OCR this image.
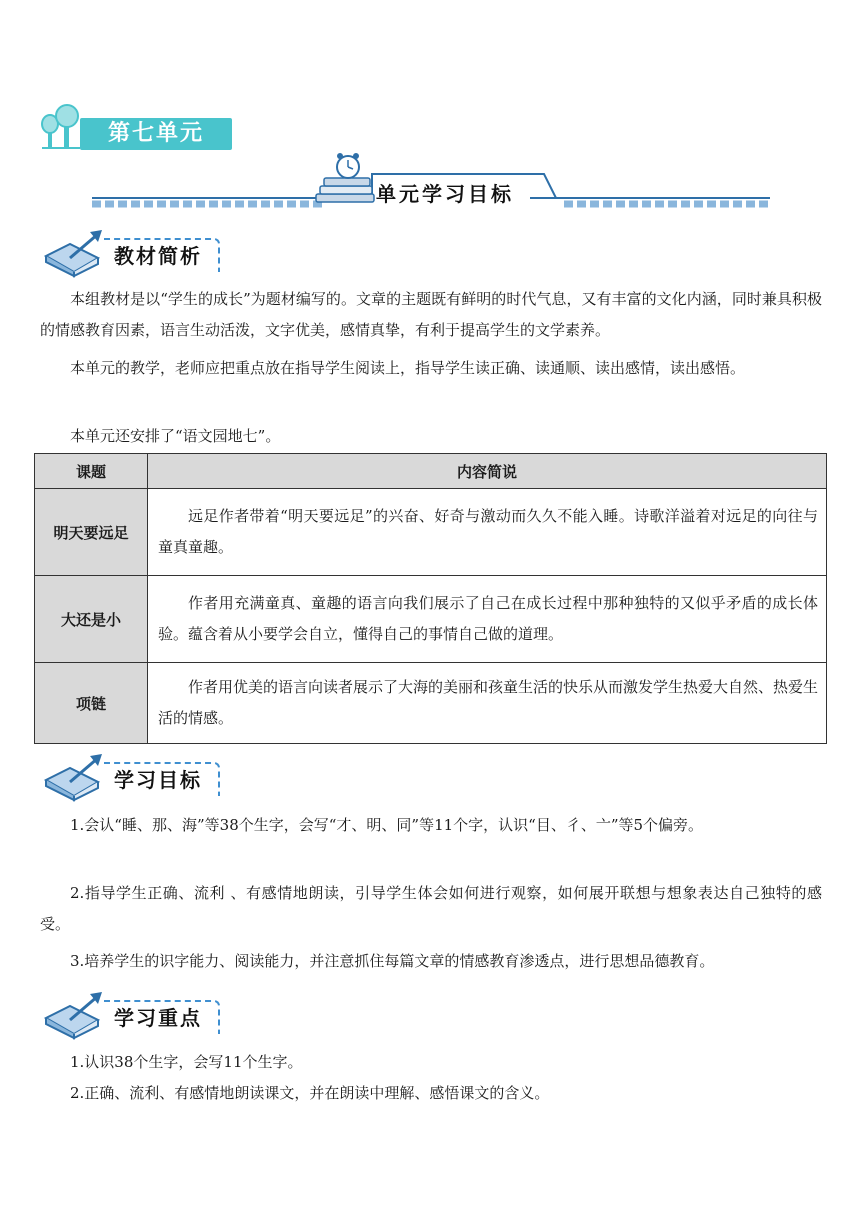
第七单元
单元学习目标
教材简析

本组教材是以“学生的成长”为题材编写的。文章的主题既有鲜明的时代气息，又有丰富的文化内涵，同时兼具积极的情感教育因素，语言生动活泼，文字优美，感情真挚，有利于提高学生的文学素养。

本单元的教学，老师应把重点放在指导学生阅读上，指导学生读正确、读通顺、读出感情，读出感悟。

本单元还安排了“语文园地七”。

课题	内容简说
明天要远足	远足作者带着“明天要远足”的兴奋、好奇与激动而久久不能入睡。诗歌洋溢着对远足的向往与童真童趣。
大还是小	作者用充满童真、童趣的语言向我们展示了自己在成长过程中那种独特的又似乎矛盾的成长体验。蕴含着从小要学会自立，懂得自己的事情自己做的道理。
项链	作者用优美的语言向读者展示了大海的美丽和孩童生活的快乐从而激发学生热爱大自然、热爱生活的情感。
学习目标

1.会认“睡、那、海”等38个生字，会写“才、明、同”等11个字，认识“目、彳、亠”等5个偏旁。

2.指导学生正确、流利 、有感情地朗读，引导学生体会如何进行观察，如何展开联想与想象表达自己独特的感受。

3.培养学生的识字能力、阅读能力，并注意抓住每篇文章的情感教育渗透点，进行思想品德教育。

学习重点

1.认识38个生字，会写11个生字。

2.正确、流利、有感情地朗读课文，并在朗读中理解、感悟课文的含义。
